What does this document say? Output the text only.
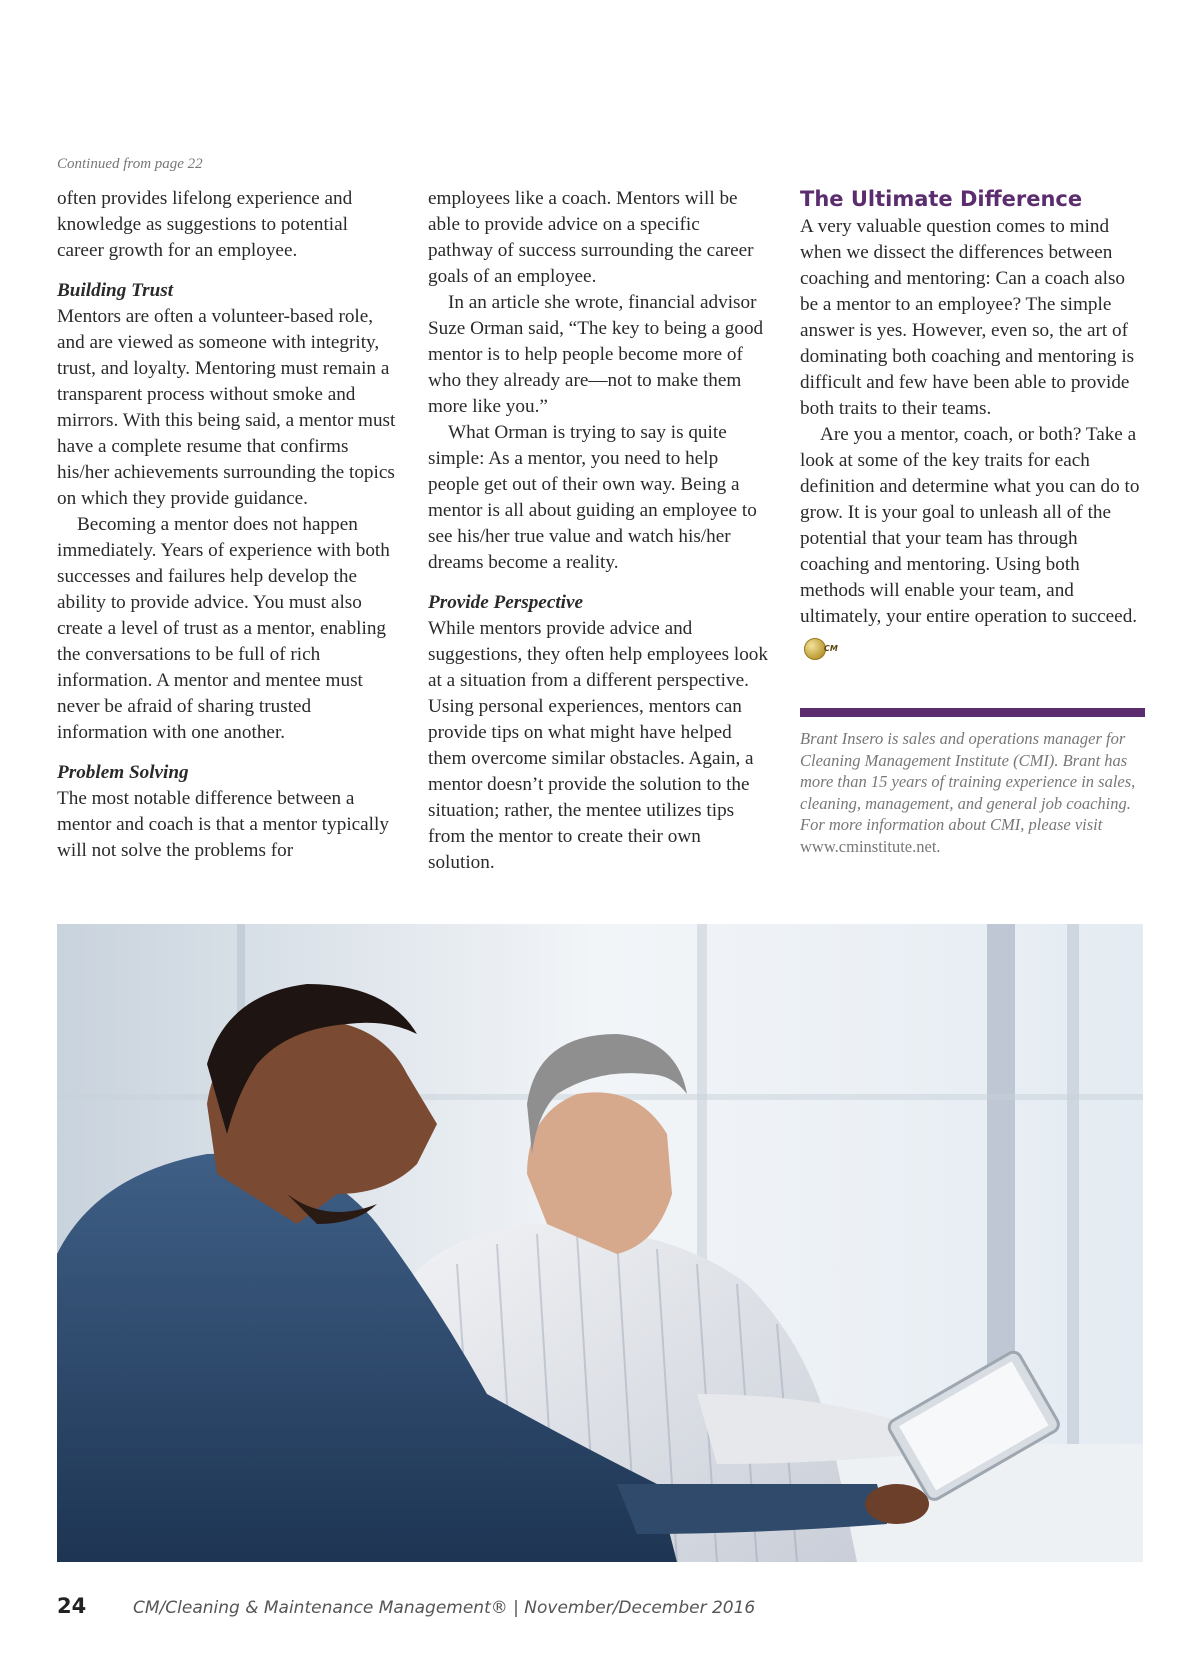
Continued from page 22

often provides lifelong experience and knowledge as suggestions to potential career growth for an employee.

Building Trust

Mentors are often a volunteer-based role, and are viewed as someone with integrity, trust, and loyalty. Mentoring must remain a transparent process without smoke and mirrors. With this being said, a mentor must have a complete resume that confirms his/her achievements surrounding the topics on which they provide guidance.

Becoming a mentor does not happen immediately. Years of experience with both successes and failures help develop the ability to provide advice. You must also create a level of trust as a mentor, enabling the conversations to be full of rich information. A mentor and mentee must never be afraid of sharing trusted information with one another.

Problem Solving

The most notable difference between a mentor and coach is that a mentor typically will not solve the problems for

employees like a coach. Mentors will be able to provide advice on a specific pathway of success surrounding the career goals of an employee.

In an article she wrote, financial advisor Suze Orman said, “The key to being a good mentor is to help people become more of who they already are—not to make them more like you.”

What Orman is trying to say is quite simple: As a mentor, you need to help people get out of their own way. Being a mentor is all about guiding an employee to see his/her true value and watch his/her dreams become a reality.

Provide Perspective

While mentors provide advice and suggestions, they often help employees look at a situation from a different perspective. Using personal experiences, mentors can provide tips on what might have helped them overcome similar obstacles. Again, a mentor doesn’t provide the solution to the situation; rather, the mentee utilizes tips from the mentor to create their own solution.

The Ultimate Difference

A very valuable question comes to mind when we dissect the differences between coaching and mentoring: Can a coach also be a mentor to an employee? The simple answer is yes. However, even so, the art of dominating both coaching and mentoring is difficult and few have been able to provide both traits to their teams.

Are you a mentor, coach, or both? Take a look at some of the key traits for each definition and determine what you can do to grow. It is your goal to unleash all of the potential that your team has through coaching and mentoring. Using both methods will enable your team, and ultimately, your entire operation to succeed.CM

Brant Insero is sales and operations manager for Cleaning Management Institute (CMI). Brant has more than 15 years of training experience in sales, cleaning, management, and general job coaching. For more information about CMI, please visit www.cminstitute.net.
24	CM/Cleaning & Maintenance Management® | November/December 2016
